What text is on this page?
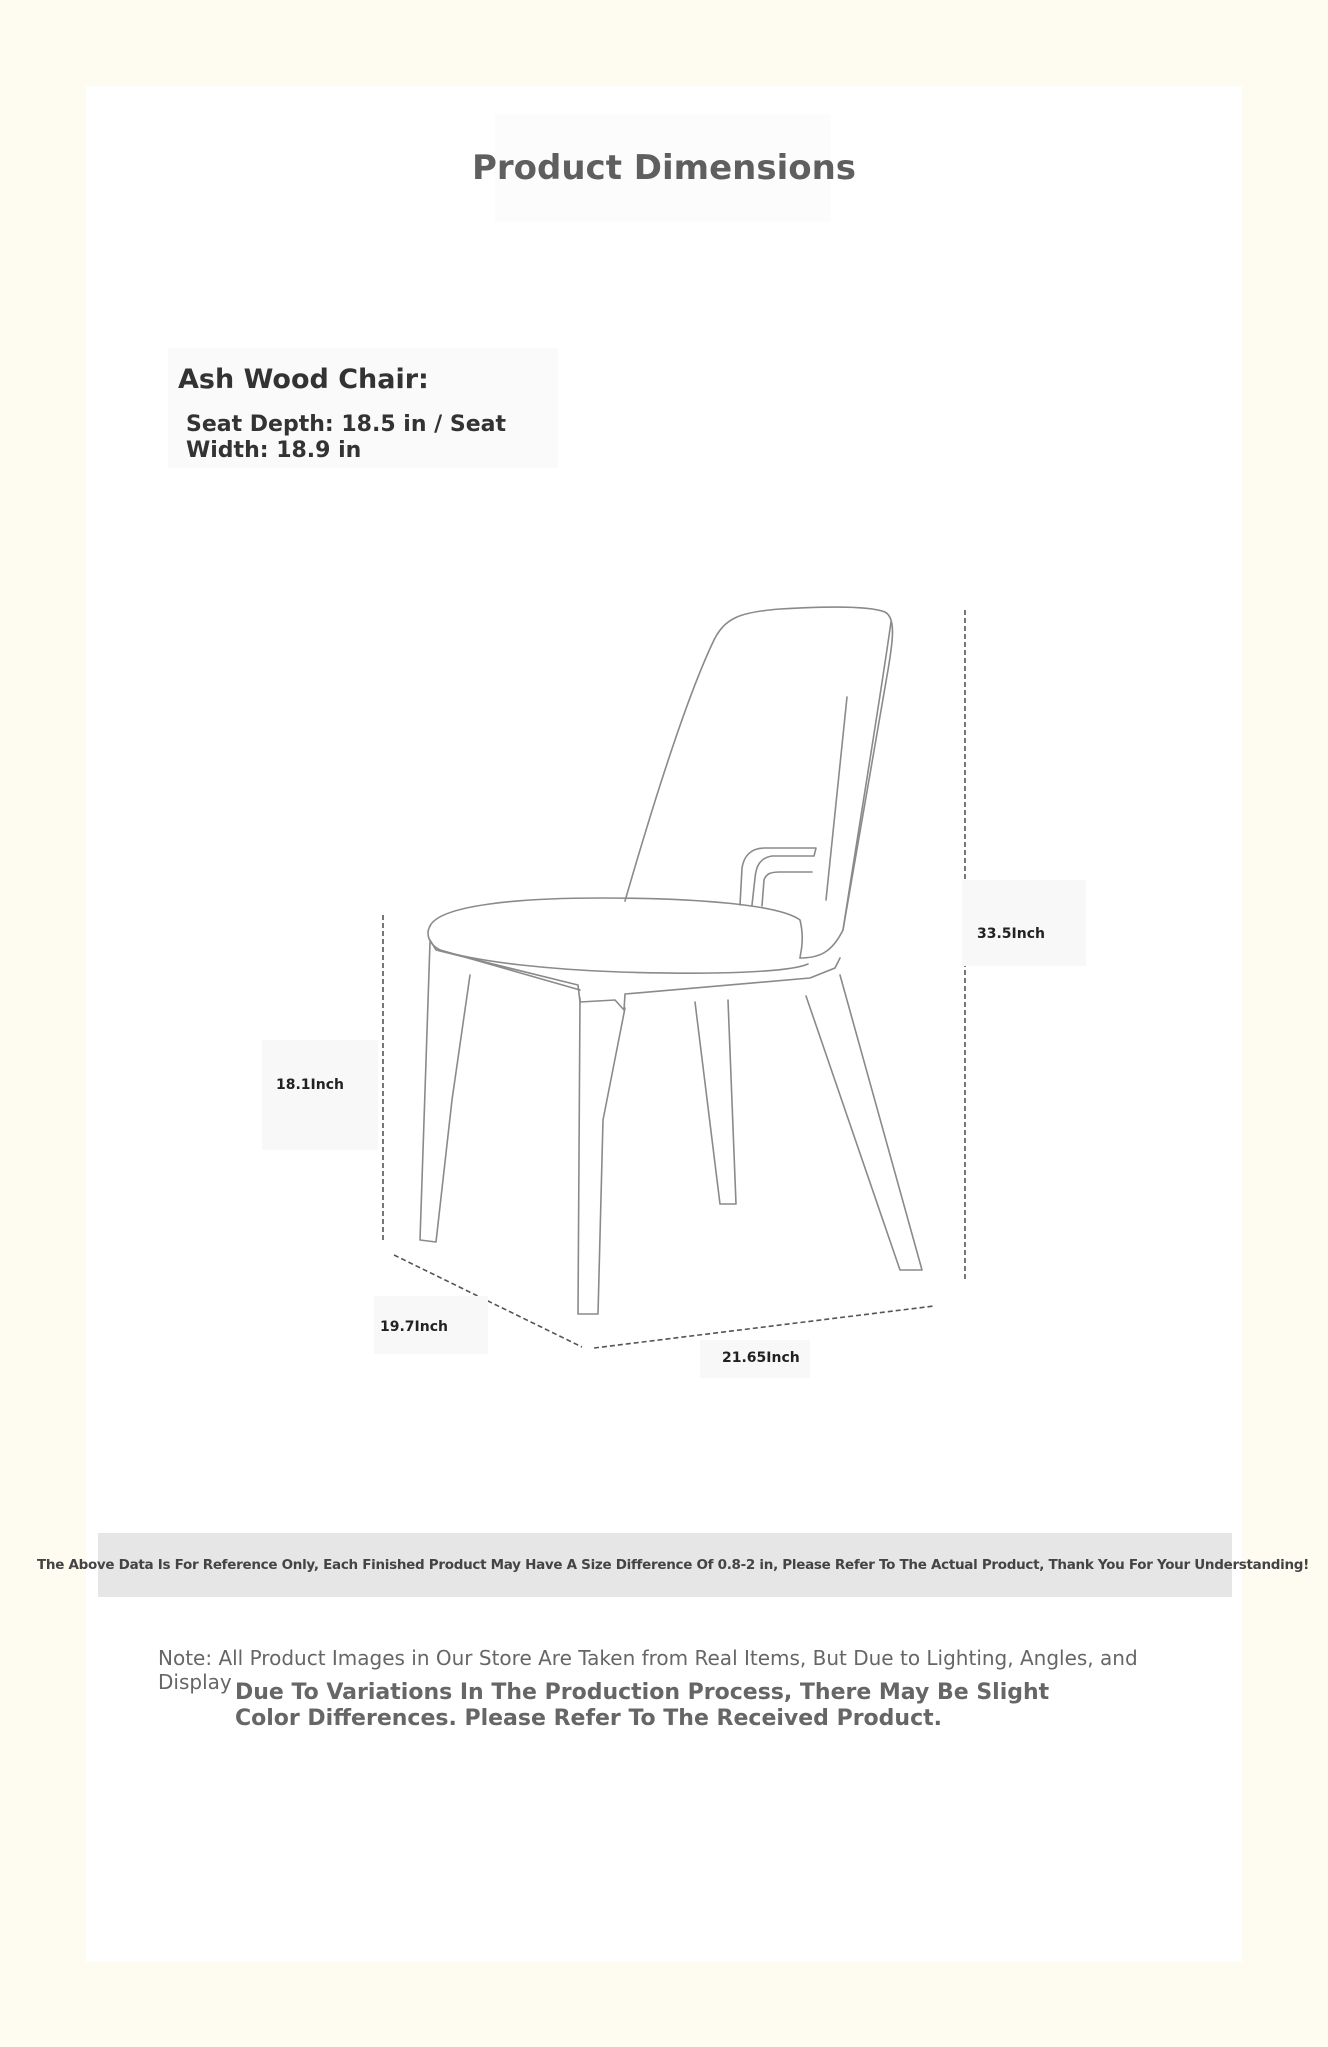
Product Dimensions
Ash Wood Chair:
Seat Depth: 18.5 in / Seat Width: 18.9 in
33.5Inch
18.1Inch
19.7Inch
21.65Inch
The Above Data Is For Reference Only, Each Finished Product May Have A Size Difference Of 0.8-2 in, Please Refer To The Actual Product, Thank You For Your Understanding!
Note: All Product Images in Our Store Are Taken from Real Items, But Due to Lighting, Angles, and Display Due To Variations In The Production Process, There May Be Slight Color Differences. Please Refer To The Received Product.
